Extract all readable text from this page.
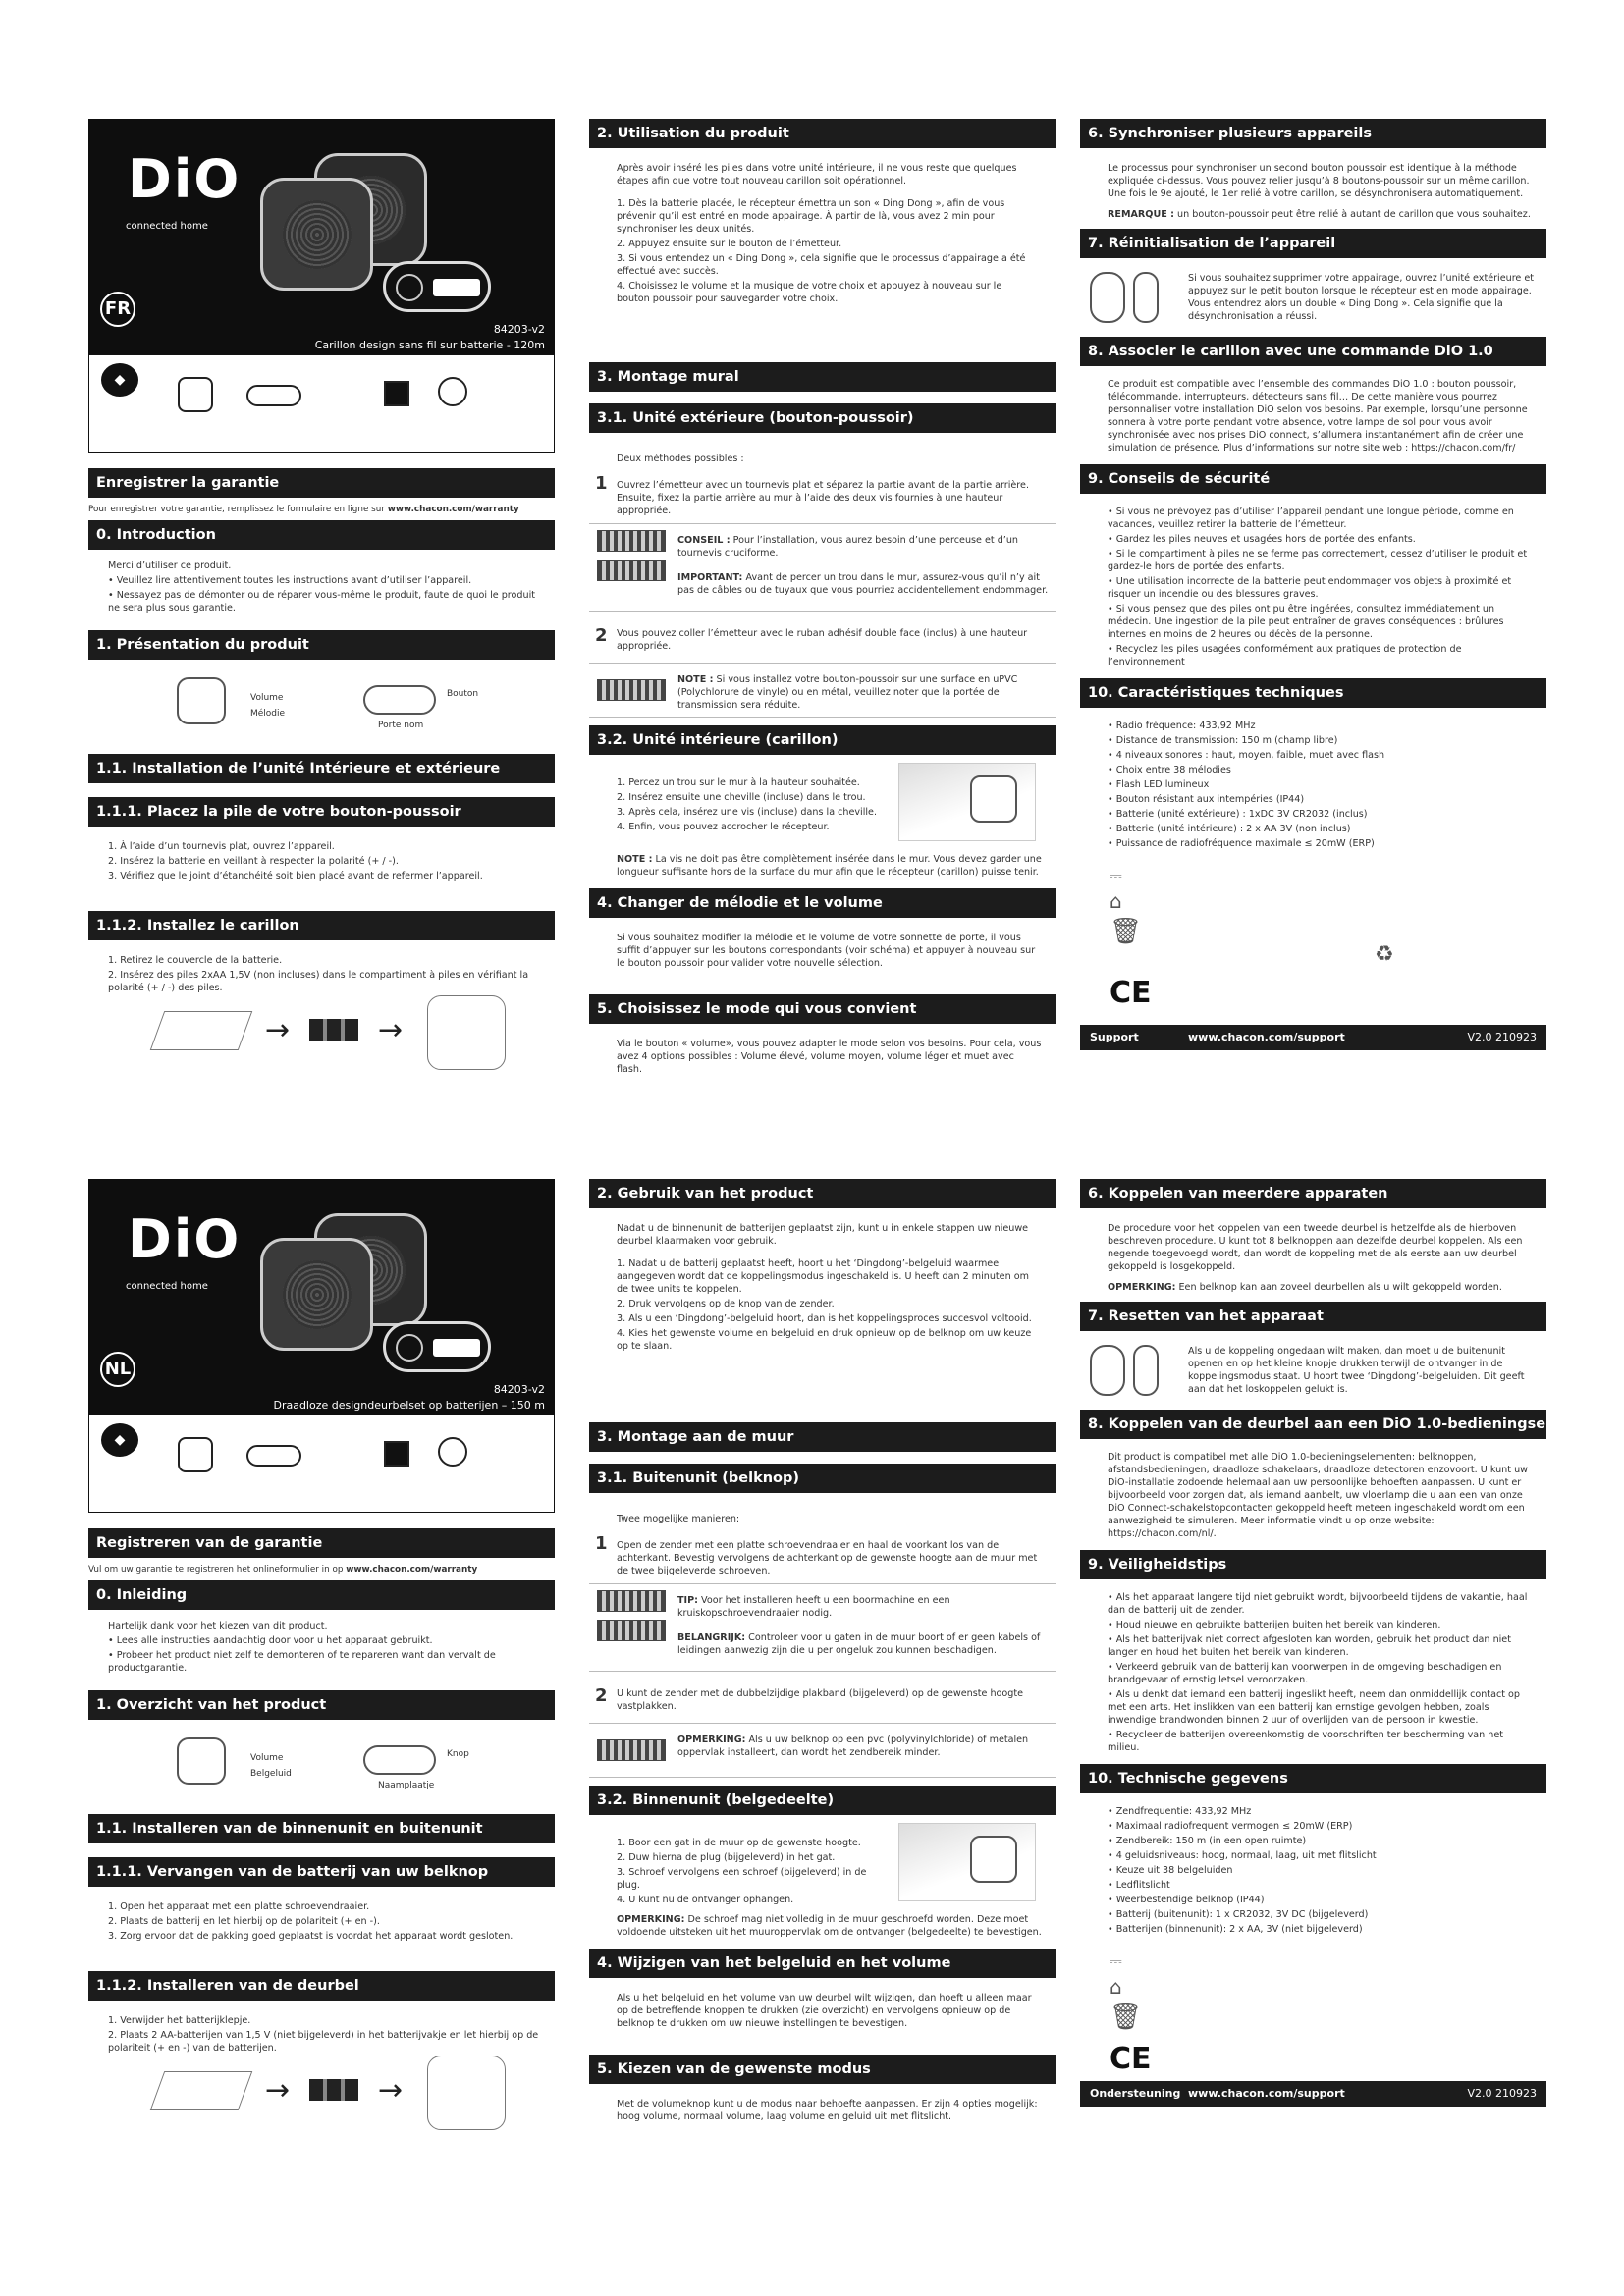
DiO
connected home
FR
84203-v2
Carillon design sans fil sur batterie - 120m
◆	☰	+
1x manuel 2x 84203-v2 1x 1x CR2032 3V 1x
Enregistrer la garantie
Pour enregistrer votre garantie, remplissez le formulaire en ligne sur www.chacon.com/warranty
0. Introduction

Merci d’utiliser ce produit.

• Veuillez lire attentivement toutes les instructions avant d’utiliser l’appareil.

• Nessayez pas de démonter ou de réparer vous-même le produit, faute de quoi le produit ne sera plus sous garantie.

1. Présentation du produit
Volume
Mélodie
Bouton
Porte nom
1.1. Installation de l’unité Intérieure et extérieure
1.1.1. Placez la pile de votre bouton-poussoir

1. À l’aide d’un tournevis plat, ouvrez l’appareil.

2. Insérez la batterie en veillant à respecter la polarité (+ / -).

3. Vérifiez que le joint d’étanchéité soit bien placé avant de refermer l’appareil.

1.1.2. Installez le carillon

1. Retirez le couvercle de la batterie.

2. Insérez des piles 2xAA 1,5V (non incluses) dans le compartiment à piles en vérifiant la polarité (+ / -) des piles.

→	→
2. Utilisation du produit

Après avoir inséré les piles dans votre unité intérieure, il ne vous reste que quelques étapes afin que votre tout nouveau carillon soit opérationnel.

1. Dès la batterie placée, le récepteur émettra un son « Ding Dong », afin de vous prévenir qu’il est entré en mode appairage. À partir de là, vous avez 2 min pour synchroniser les deux unités.

2. Appuyez ensuite sur le bouton de l’émetteur.

3. Si vous entendez un « Ding Dong », cela signifie que le processus d’appairage a été effectué avec succès.

4. Choisissez le volume et la musique de votre choix et appuyez à nouveau sur le bouton poussoir pour sauvegarder votre choix.

3. Montage mural
3.1. Unité extérieure (bouton-poussoir)
Deux méthodes possibles :
1 Ouvrez l’émetteur avec un tournevis plat et séparez la partie avant de la partie arrière. Ensuite, fixez la partie arrière au mur à l’aide des deux vis fournies à une hauteur appropriée.

CONSEIL : Pour l’installation, vous aurez besoin d’une perceuse et d’un tournevis cruciforme.

IMPORTANT: Avant de percer un trou dans le mur, assurez-vous qu’il n’y ait pas de câbles ou de tuyaux que vous pourriez accidentellement endommager.

2 Vous pouvez coller l’émetteur avec le ruban adhésif double face (inclus) à une hauteur appropriée.

NOTE : Si vous installez votre bouton-poussoir sur une surface en uPVC (Polychlorure de vinyle) ou en métal, veuillez noter que la portée de transmission sera réduite.

3.2. Unité intérieure (carillon)

1. Percez un trou sur le mur à la hauteur souhaitée.

2. Insérez ensuite une cheville (incluse) dans le trou.

3. Après cela, insérez une vis (incluse) dans la cheville.

4. Enfin, vous pouvez accrocher le récepteur.

NOTE : La vis ne doit pas être complètement insérée dans le mur. Vous devez garder une longueur suffisante hors de la surface du mur afin que le récepteur (carillon) puisse tenir.
4. Changer de mélodie et le volume
Si vous souhaitez modifier la mélodie et le volume de votre sonnette de porte, il vous suffit d’appuyer sur les boutons correspondants (voir schéma) et appuyer à nouveau sur le bouton poussoir pour valider votre nouvelle sélection.
5. Choisissez le mode qui vous convient
Via le bouton « volume», vous pouvez adapter le mode selon vos besoins. Pour cela, vous avez 4 options possibles : Volume élevé, volume moyen, volume léger et muet avec flash.
6. Synchroniser plusieurs appareils
Le processus pour synchroniser un second bouton poussoir est identique à la méthode expliquée ci-dessus. Vous pouvez relier jusqu’à 8 boutons-poussoir sur un même carillon. Une fois le 9e ajouté, le 1er relié à votre carillon, se désynchronisera automatiquement.
REMARQUE : un bouton-poussoir peut être relié à autant de carillon que vous souhaitez.
7. Réinitialisation de l’appareil
Si vous souhaitez supprimer votre appairage, ouvrez l’unité extérieure et appuyez sur le petit bouton lorsque le récepteur est en mode appairage. Vous entendrez alors un double « Ding Dong ». Cela signifie que la désynchronisation a réussi.
8. Associer le carillon avec une commande DiO 1.0
Ce produit est compatible avec l’ensemble des commandes DiO 1.0 : bouton poussoir, télécommande, interrupteurs, détecteurs sans fil… De cette manière vous pourrez personnaliser votre installation DiO selon vos besoins. Par exemple, lorsqu’une personne sonnera à votre porte pendant votre absence, votre lampe de sol pour vous avoir synchronisée avec nos prises DiO connect, s’allumera instantanément afin de créer une simulation de présence. Plus d’informations sur notre site web : https://chacon.com/fr/
9. Conseils de sécurité

• Si vous ne prévoyez pas d’utiliser l’appareil pendant une longue période, comme en vacances, veuillez retirer la batterie de l’émetteur.

• Gardez les piles neuves et usagées hors de portée des enfants.

• Si le compartiment à piles ne se ferme pas correctement, cessez d’utiliser le produit et gardez-le hors de portée des enfants.

• Une utilisation incorrecte de la batterie peut endommager vos objets à proximité et risquer un incendie ou des blessures graves.

• Si vous pensez que des piles ont pu être ingérées, consultez immédiatement un médecin. Une ingestion de la pile peut entraîner de graves conséquences : brûlures internes en moins de 2 heures ou décès de la personne.

• Recyclez les piles usagées conformément aux pratiques de protection de l’environnement

10. Caractéristiques techniques

• Radio fréquence: 433,92 MHz

• Distance de transmission: 150 m (champ libre)

• 4 niveaux sonores : haut, moyen, faible, muet avec flash

• Choix entre 38 mélodies

• Flash LED lumineux

• Bouton résistant aux intempéries (IP44)

• Batterie (unité extérieure) : 1xDC 3V CR2032 (inclus)

• Batterie (unité intérieure) : 2 x AA 3V (non inclus)

• Puissance de radiofréquence maximale ≤ 20mW (ERP)

⎓
⌂
🗑
♻
CE
Support	www.chacon.com/support	V2.0 210923
DiO
connected home
NL
84203-v2
Draadloze designdeurbelset op batterijen – 150 m
◆	☰	+
1x handleiding 2x 84203-v2 1x 1x CR2032 3V 1x
Registreren van de garantie
Vul om uw garantie te registreren het onlineformulier in op www.chacon.com/warranty
0. Inleiding

Hartelijk dank voor het kiezen van dit product.

• Lees alle instructies aandachtig door voor u het apparaat gebruikt.

• Probeer het product niet zelf te demonteren of te repareren want dan vervalt de productgarantie.

1. Overzicht van het product
Volume
Belgeluid
Knop
Naamplaatje
1.1. Installeren van de binnenunit en buitenunit
1.1.1. Vervangen van de batterij van uw belknop

1. Open het apparaat met een platte schroevendraaier.

2. Plaats de batterij en let hierbij op de polariteit (+ en -).

3. Zorg ervoor dat de pakking goed geplaatst is voordat het apparaat wordt gesloten.

1.1.2. Installeren van de deurbel

1. Verwijder het batterijklepje.

2. Plaats 2 AA-batterijen van 1,5 V (niet bijgeleverd) in het batterijvakje en let hierbij op de polariteit (+ en -) van de batterijen.

→	→
2. Gebruik van het product

Nadat u de binnenunit de batterijen geplaatst zijn, kunt u in enkele stappen uw nieuwe deurbel klaarmaken voor gebruik.

1. Nadat u de batterij geplaatst heeft, hoort u het ‘Dingdong’-belgeluid waarmee aangegeven wordt dat de koppelingsmodus ingeschakeld is. U heeft dan 2 minuten om de twee units te koppelen.

2. Druk vervolgens op de knop van de zender.

3. Als u een ‘Dingdong’-belgeluid hoort, dan is het koppelingsproces succesvol voltooid.

4. Kies het gewenste volume en belgeluid en druk opnieuw op de belknop om uw keuze op te slaan.

3. Montage aan de muur
3.1. Buitenunit (belknop)
Twee mogelijke manieren:
1 Open de zender met een platte schroevendraaier en haal de voorkant los van de achterkant. Bevestig vervolgens de achterkant op de gewenste hoogte aan de muur met de twee bijgeleverde schroeven.

TIP: Voor het installeren heeft u een boormachine en een kruiskopschroevendraaier nodig.

BELANGRIJK: Controleer voor u gaten in de muur boort of er geen kabels of leidingen aanwezig zijn die u per ongeluk zou kunnen beschadigen.

2 U kunt de zender met de dubbelzijdige plakband (bijgeleverd) op de gewenste hoogte vastplakken.

OPMERKING: Als u uw belknop op een pvc (polyvinylchloride) of metalen oppervlak installeert, dan wordt het zendbereik minder.

3.2. Binnenunit (belgedeelte)

1. Boor een gat in de muur op de gewenste hoogte.

2. Duw hierna de plug (bijgeleverd) in het gat.

3. Schroef vervolgens een schroef (bijgeleverd) in de plug.

4. U kunt nu de ontvanger ophangen.

OPMERKING: De schroef mag niet volledig in de muur geschroefd worden. Deze moet voldoende uitsteken uit het muuroppervlak om de ontvanger (belgedeelte) te bevestigen.
4. Wijzigen van het belgeluid en het volume
Als u het belgeluid en het volume van uw deurbel wilt wijzigen, dan hoeft u alleen maar op de betreffende knoppen te drukken (zie overzicht) en vervolgens opnieuw op de belknop te drukken om uw nieuwe instellingen te bevestigen.
5. Kiezen van de gewenste modus
Met de volumeknop kunt u de modus naar behoefte aanpassen. Er zijn 4 opties mogelijk: hoog volume, normaal volume, laag volume en geluid uit met flitslicht.
6. Koppelen van meerdere apparaten
De procedure voor het koppelen van een tweede deurbel is hetzelfde als de hierboven beschreven procedure. U kunt tot 8 belknoppen aan dezelfde deurbel koppelen. Als een negende toegevoegd wordt, dan wordt de koppeling met de als eerste aan uw deurbel gekoppeld is losgekoppeld.
OPMERKING: Een belknop kan aan zoveel deurbellen als u wilt gekoppeld worden.
7. Resetten van het apparaat
Als u de koppeling ongedaan wilt maken, dan moet u de buitenunit openen en op het kleine knopje drukken terwijl de ontvanger in de koppelingsmodus staat. U hoort twee ‘Dingdong’-belgeluiden. Dit geeft aan dat het loskoppelen gelukt is.
8. Koppelen van de deurbel aan een DiO 1.0-bedieningselement
Dit product is compatibel met alle DiO 1.0-bedieningselementen: belknoppen, afstandsbedieningen, draadloze schakelaars, draadloze detectoren enzovoort. U kunt uw DiO-installatie zodoende helemaal aan uw persoonlijke behoeften aanpassen. U kunt er bijvoorbeeld voor zorgen dat, als iemand aanbelt, uw vloerlamp die u aan een van onze DiO Connect-schakelstopcontacten gekoppeld heeft meteen ingeschakeld wordt om een aanwezigheid te simuleren. Meer informatie vindt u op onze website: https://chacon.com/nl/.
9. Veiligheidstips

• Als het apparaat langere tijd niet gebruikt wordt, bijvoorbeeld tijdens de vakantie, haal dan de batterij uit de zender.

• Houd nieuwe en gebruikte batterijen buiten het bereik van kinderen.

• Als het batterijvak niet correct afgesloten kan worden, gebruik het product dan niet langer en houd het buiten het bereik van kinderen.

• Verkeerd gebruik van de batterij kan voorwerpen in de omgeving beschadigen en brandgevaar of ernstig letsel veroorzaken.

• Als u denkt dat iemand een batterij ingeslikt heeft, neem dan onmiddellijk contact op met een arts. Het inslikken van een batterij kan ernstige gevolgen hebben, zoals inwendige brandwonden binnen 2 uur of overlijden van de persoon in kwestie.

• Recycleer de batterijen overeenkomstig de voorschriften ter bescherming van het milieu.

10. Technische gegevens

• Zendfrequentie: 433,92 MHz

• Maximaal radiofrequent vermogen ≤ 20mW (ERP)

• Zendbereik: 150 m (in een open ruimte)

• 4 geluidsniveaus: hoog, normaal, laag, uit met flitslicht

• Keuze uit 38 belgeluiden

• Ledflitslicht

• Weerbestendige belknop (IP44)

• Batterij (buitenunit): 1 x CR2032, 3V DC (bijgeleverd)

• Batterijen (binnenunit): 2 x AA, 3V (niet bijgeleverd)

⎓
⌂
🗑
CE
Ondersteuning www.chacon.com/support	V2.0 210923
